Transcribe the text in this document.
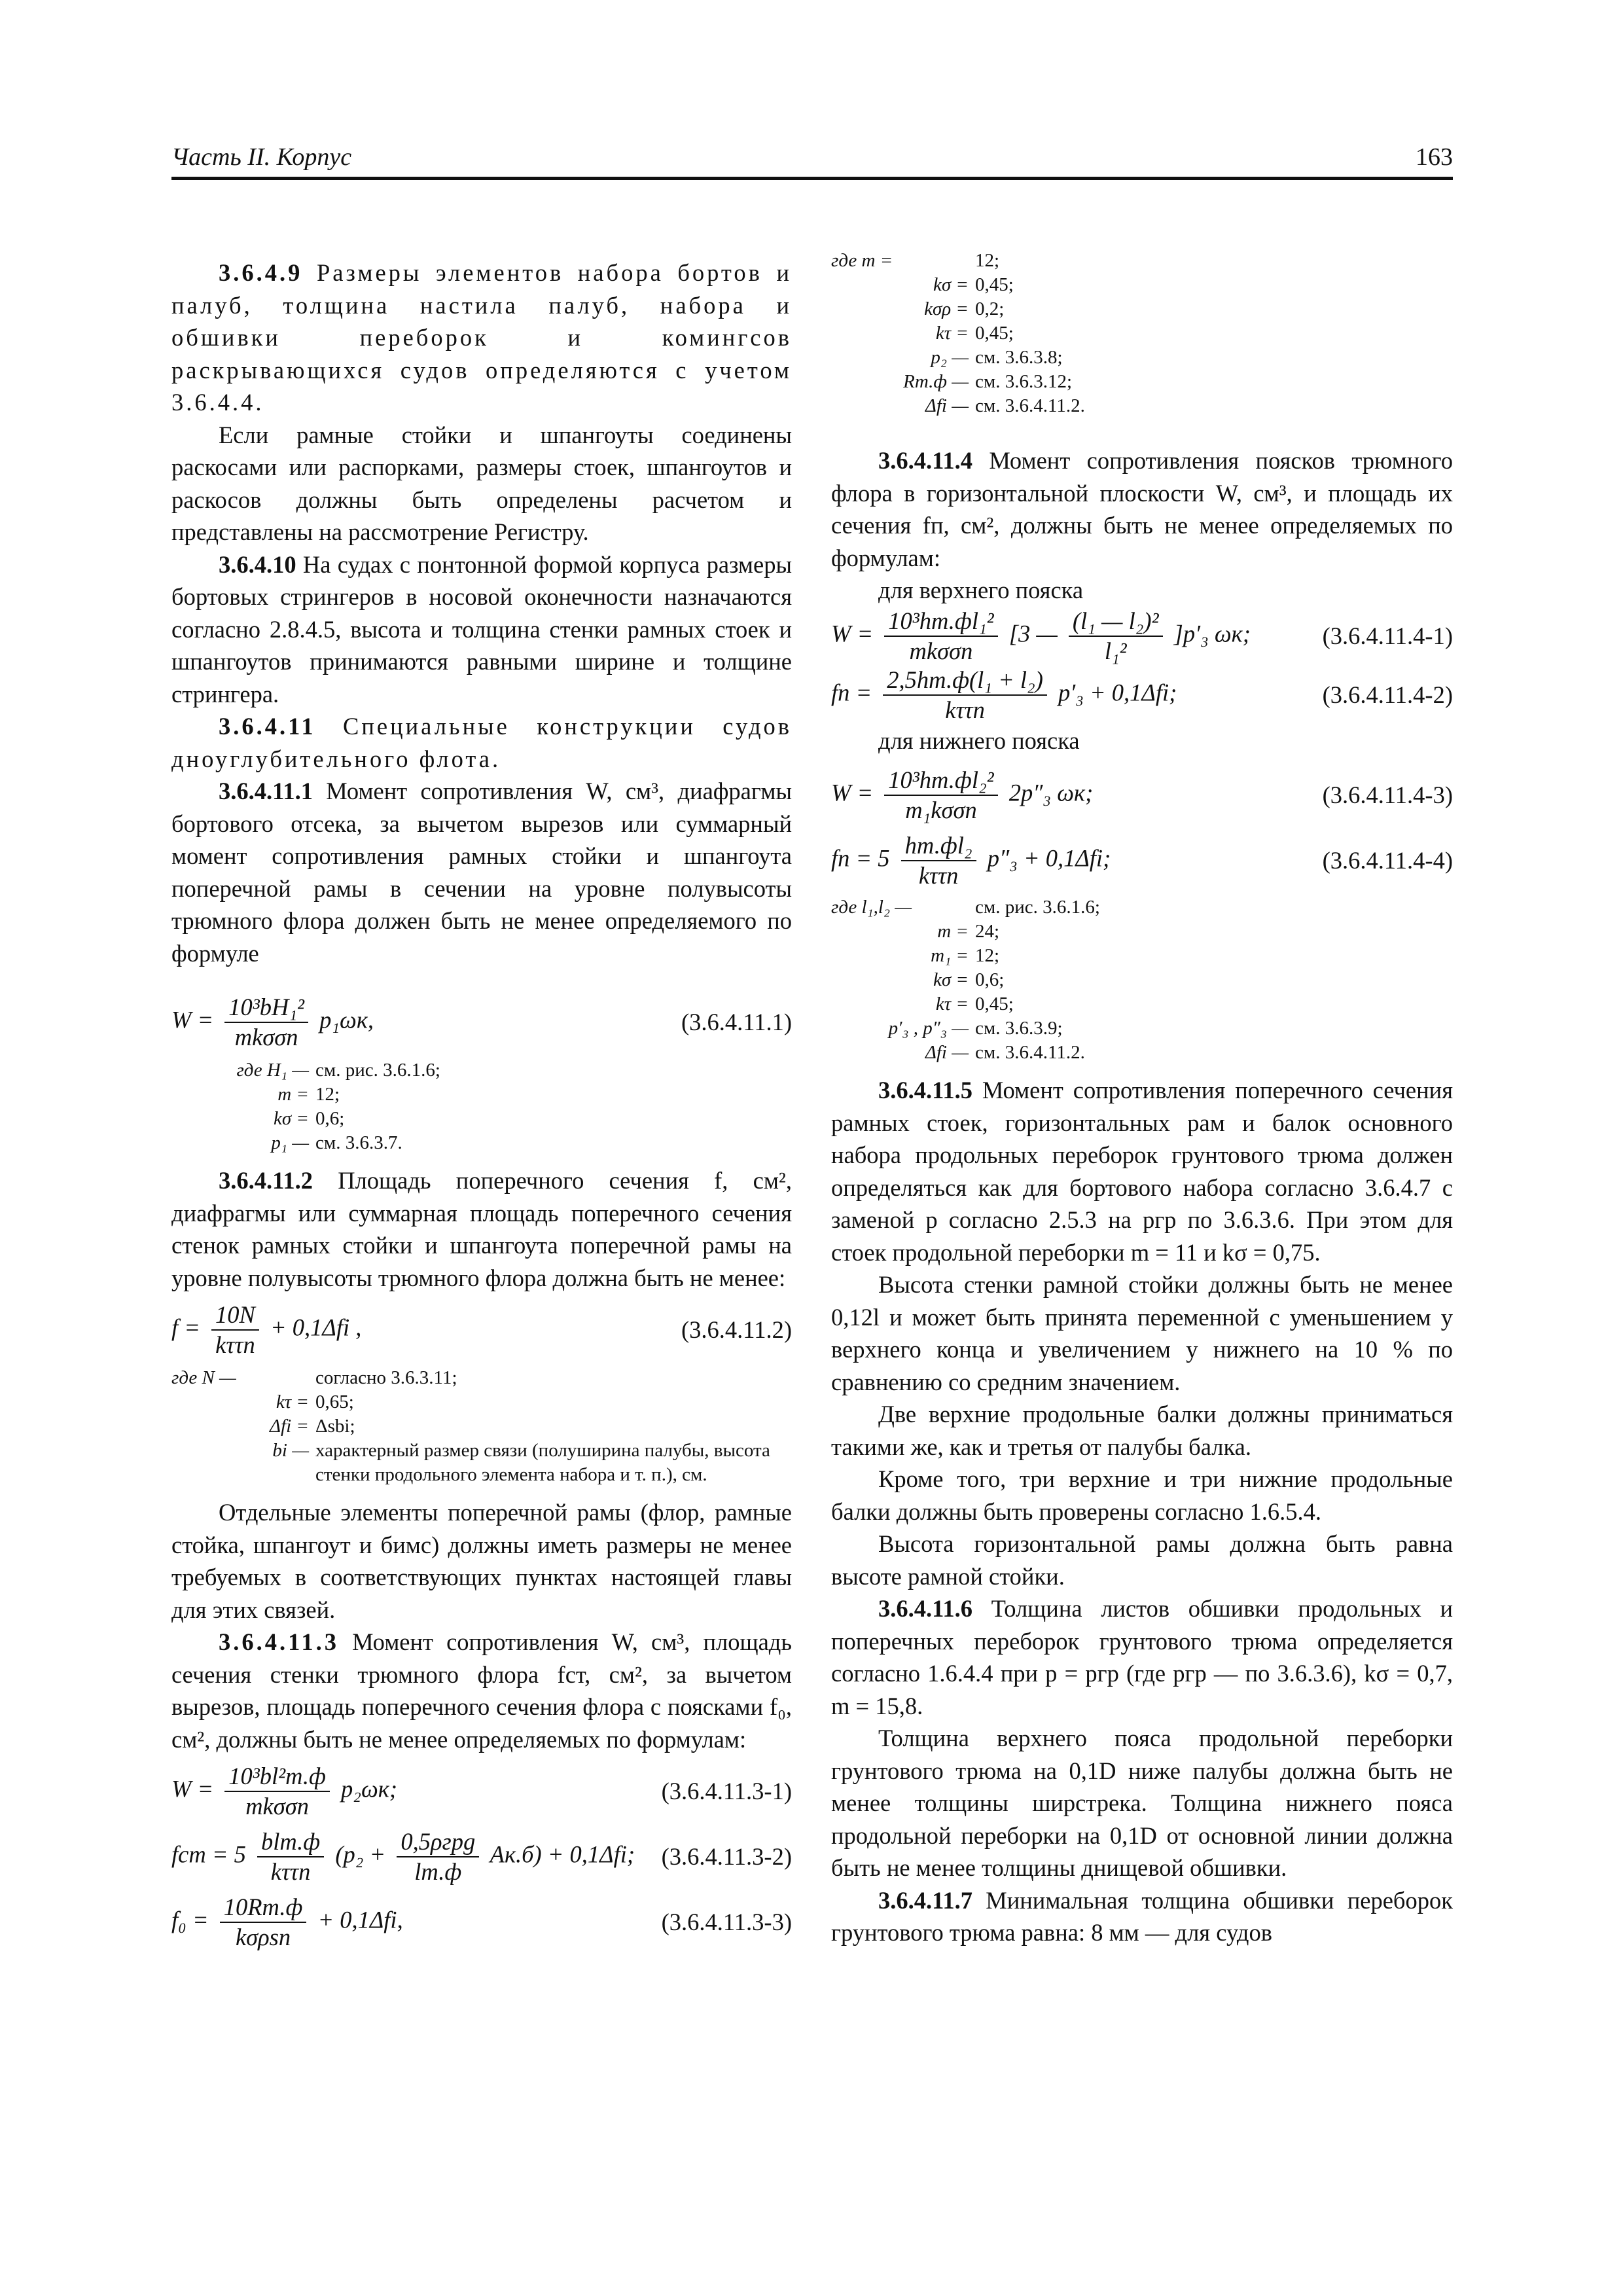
Часть II. Корпус	163

3.6.4.9 Размеры элементов набора бортов и палуб, толщина настила палуб, набора и обшивки переборок и комингсов раскрывающихся судов определяются с учетом 3.6.4.4.

Если рамные стойки и шпангоуты соединены раскосами или распорками, размеры стоек, шпангоутов и раскосов должны быть определены расчетом и представлены на рассмотрение Регистру.

3.6.4.10 На судах с понтонной формой корпуса размеры бортовых стрингеров в носовой оконечности назначаются согласно 2.8.4.5, высота и толщина стенки рамных стоек и шпангоутов принимаются равными ширине и толщине стрингера.

3.6.4.11 Специальные конструкции судов дноуглубительного флота.

3.6.4.11.1 Момент сопротивления W, см³, диафрагмы бортового отсека, за вычетом вырезов или суммарный момент сопротивления рамных стойки и шпангоута поперечной рамы в сечении на уровне полувысоты трюмного флора должен быть не менее определяемого по формуле

$W = \frac{\text{10³bH₁²}}{\text{mkσσn}} p_1\omega к$,	(3.6.4.11.1)
где H₁ — см. рис. 3.6.1.6;
m = 12;
kσ = 0,6;
p₁ — см. 3.6.3.7.

3.6.4.11.2 Площадь поперечного сечения f, см², диафрагмы или суммарная площадь поперечного сечения стенок рамных стойки и шпангоута поперечной рамы на уровне полувысоты трюмного флора должна быть не менее:

$f = \frac{10N}{\text{kττn}} + 0,1\Delta fi$ ,	(3.6.4.11.2)
где N —	согласно 3.6.3.11;
kτ = 0,65;
Δfi = Δsbi;
bi — характерный размер связи (полуширина палубы, высота стенки продольного элемента набора и т. п.), см.

Отдельные элементы поперечной рамы (флор, рамные стойка, шпангоут и бимс) должны иметь размеры не менее требуемых в соответствующих пунктах настоящей главы для этих связей.

3.6.4.11.3 Момент сопротивления W, см³, площадь сечения стенки трюмного флора fст, см², за вычетом вырезов, площадь поперечного сечения флора с поясками f₀, см², должны быть не менее определяемых по формулам:

$W = \frac{\text{10³bl²т.ф}}{\text{mkσσn}} p_2\omega к$;	(3.6.4.11.3-1)
fст = $5 \frac{\text{blт.ф}}{\text{kττn}} (p_2 + \frac{\text{0,5ρгрg}}{lт.ф} Aк.б) + 0,1\Delta fi$; (3.6.4.11.3-2)
$f_0 = \frac{10Rт.ф}{\text{kσρsn}} + 0,1\Delta fi$,	(3.6.4.11.3-3)
где m =	12;
kσ = 0,45;
kσρ = 0,2;
kτ = 0,45;
p₂ — см. 3.6.3.8;
Rт.ф — см. 3.6.3.12;
Δfi — см. 3.6.4.11.2.

3.6.4.11.4 Момент сопротивления поясков трюмного флора в горизонтальной плоскости W, см³, и площадь их сечения fп, см², должны быть не менее определяемых по формулам:

для верхнего пояска

$W = \frac{\text{10³hт.фl₁²}}{\text{mkσσn}} [3$ — $\frac{\text{(l₁ — l₂)²}}{\text{l₁²}} ]p'_3$ ωк;	(3.6.4.11.4-1)
fп = $\frac{\text{2,5hт.ф(l₁ + l₂)}}{\text{kττn}} p'_3 + 0,1\Delta fi$;	(3.6.4.11.4-2)

для нижнего пояска

$W = \frac{\text{10³hт.фl₂²}}{\text{m₁kσσn}} 2p''_3$ ωк;	(3.6.4.11.4-3)
fп = $5 \frac{\text{hт.фl₂}}{\text{kττn}} p''_3 + 0,1\Delta fi$;	(3.6.4.11.4-4)
где l₁,l₂ —	см. рис. 3.6.1.6;
m = 24;
m₁ = 12;
kσ = 0,6;
kτ = 0,45;
p′₃ , p″₃ — см. 3.6.3.9;
Δfi — см. 3.6.4.11.2.

3.6.4.11.5 Момент сопротивления поперечного сечения рамных стоек, горизонтальных рам и балок основного набора продольных переборок грунтового трюма должен определяться как для бортового набора согласно 3.6.4.7 с заменой p согласно 2.5.3 на pгр по 3.6.3.6. При этом для стоек продольной переборки m = 11 и kσ = 0,75.

Высота стенки рамной стойки должны быть не менее 0,12l и может быть принята переменной с уменьшением у верхнего конца и увеличением у нижнего на 10 % по сравнению со средним значением.

Две верхние продольные балки должны приниматься такими же, как и третья от палубы балка.

Кроме того, три верхние и три нижние продольные балки должны быть проверены согласно 1.6.5.4.

Высота горизонтальной рамы должна быть равна высоте рамной стойки.

3.6.4.11.6 Толщина листов обшивки продольных и поперечных переборок грунтового трюма определяется согласно 1.6.4.4 при p = pгр (где pгр — по 3.6.3.6), kσ = 0,7, m = 15,8.

Толщина верхнего пояса продольной переборки грунтового трюма на 0,1D ниже палубы должна быть не менее толщины ширстрека. Толщина нижнего пояса продольной переборки на 0,1D от основной линии должна быть не менее толщины днищевой обшивки.

3.6.4.11.7 Минимальная толщина обшивки переборок грунтового трюма равна: 8 мм — для судов
